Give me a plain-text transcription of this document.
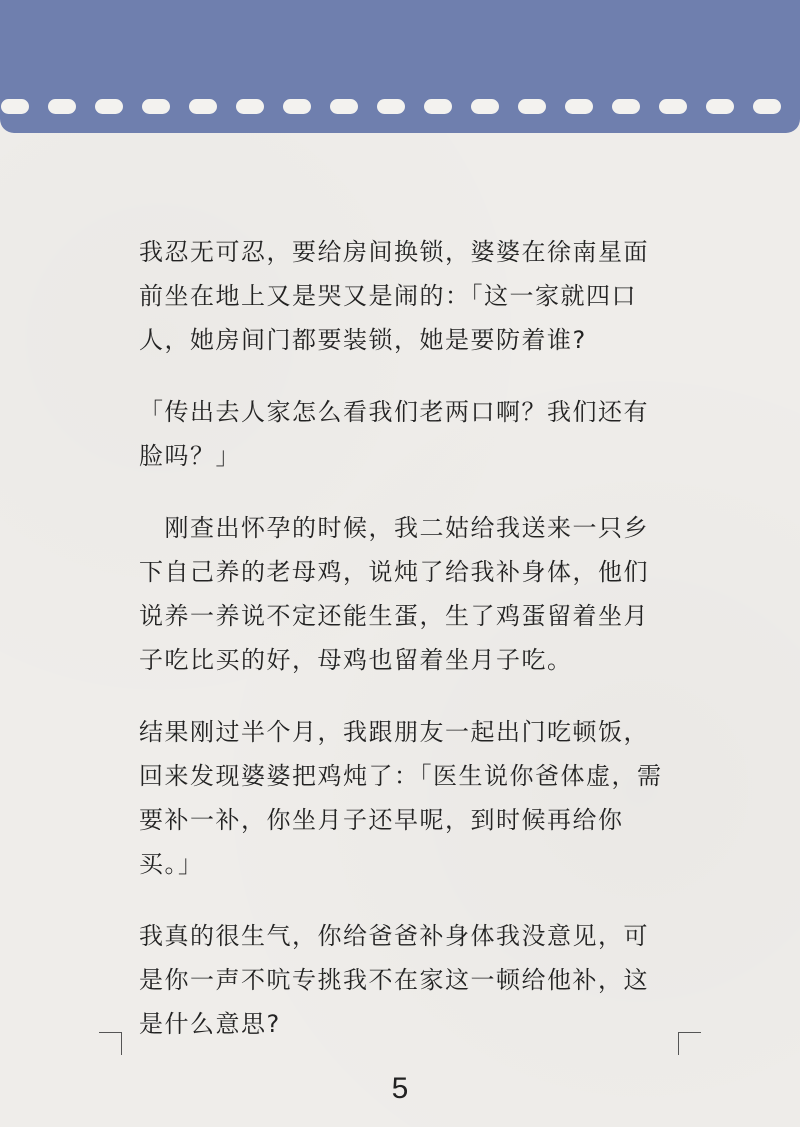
我忍无可忍，要给房间换锁，婆婆在徐南星面前坐在地上又是哭又是闹的：「这一家就四口人，她房间门都要装锁，她是要防着谁?

「传出去人家怎么看我们老两口啊？我们还有脸吗？」

　刚查出怀孕的时候，我二姑给我送来一只乡下自己养的老母鸡，说炖了给我补身体，他们说养一养说不定还能生蛋，生了鸡蛋留着坐月子吃比买的好，母鸡也留着坐月子吃。

结果刚过半个月，我跟朋友一起出门吃顿饭，回来发现婆婆把鸡炖了：「医生说你爸体虚，需要补一补，你坐月子还早呢，到时候再给你买。」

我真的很生气，你给爸爸补身体我没意见，可是你一声不吭专挑我不在家这一顿给他补，这是什么意思?

5
